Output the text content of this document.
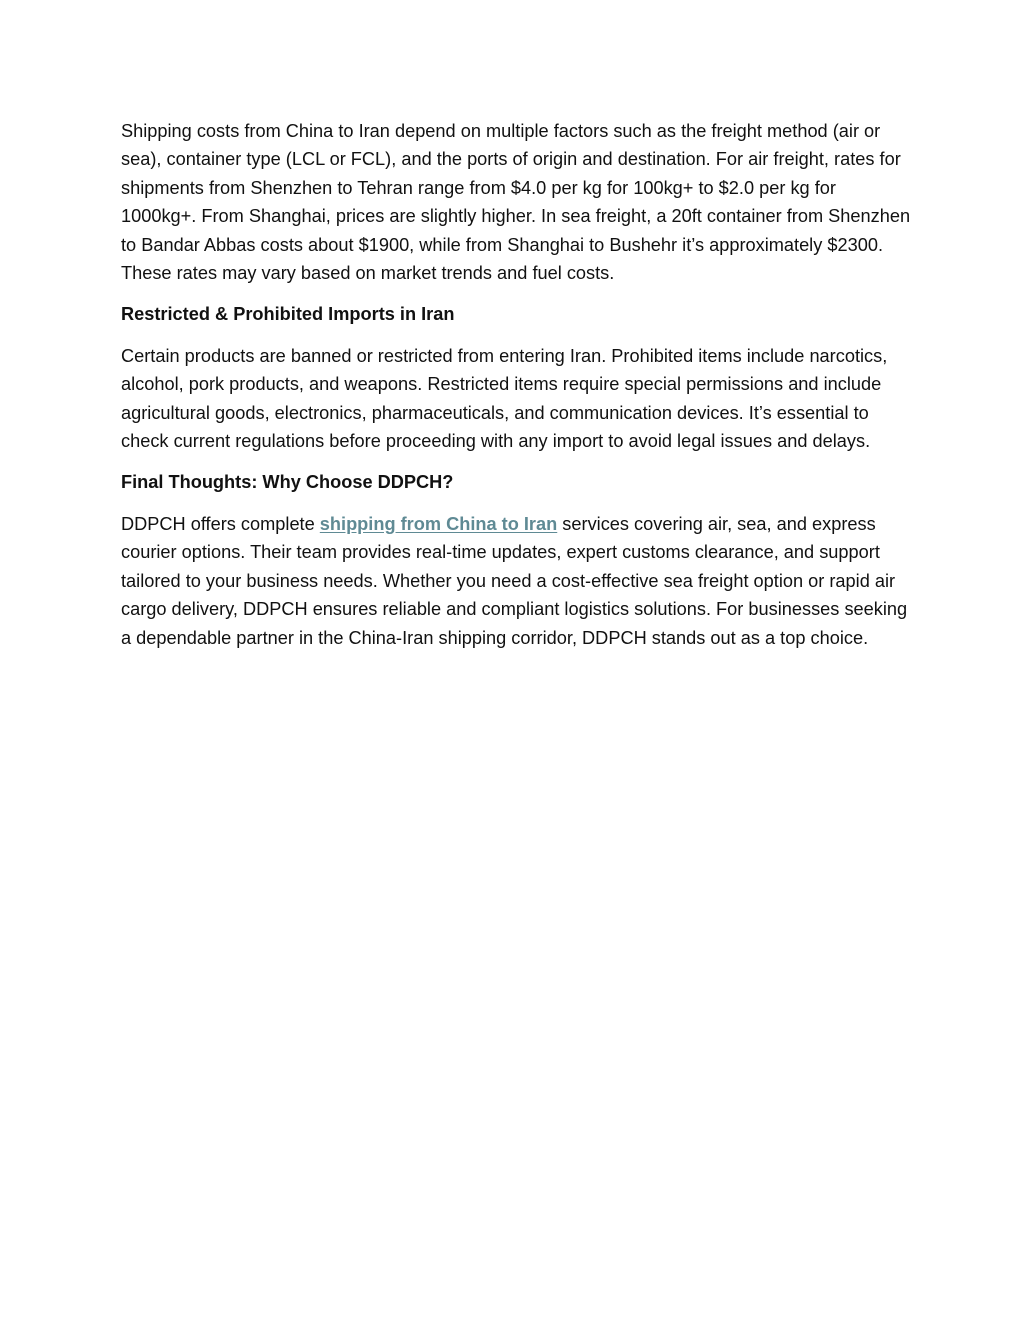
Shipping costs from China to Iran depend on multiple factors such as the freight method (air or sea), container type (LCL or FCL), and the ports of origin and destination. For air freight, rates for shipments from Shenzhen to Tehran range from $4.0 per kg for 100kg+ to $2.0 per kg for 1000kg+. From Shanghai, prices are slightly higher. In sea freight, a 20ft container from Shenzhen to Bandar Abbas costs about $1900, while from Shanghai to Bushehr it’s approximately $2300. These rates may vary based on market trends and fuel costs.

Restricted & Prohibited Imports in Iran

Certain products are banned or restricted from entering Iran. Prohibited items include narcotics, alcohol, pork products, and weapons. Restricted items require special permissions and include agricultural goods, electronics, pharmaceuticals, and communication devices. It’s essential to check current regulations before proceeding with any import to avoid legal issues and delays.

Final Thoughts: Why Choose DDPCH?

DDPCH offers complete shipping from China to Iran services covering air, sea, and express courier options. Their team provides real-time updates, expert customs clearance, and support tailored to your business needs. Whether you need a cost-effective sea freight option or rapid air cargo delivery, DDPCH ensures reliable and compliant logistics solutions. For businesses seeking a dependable partner in the China-Iran shipping corridor, DDPCH stands out as a top choice.
